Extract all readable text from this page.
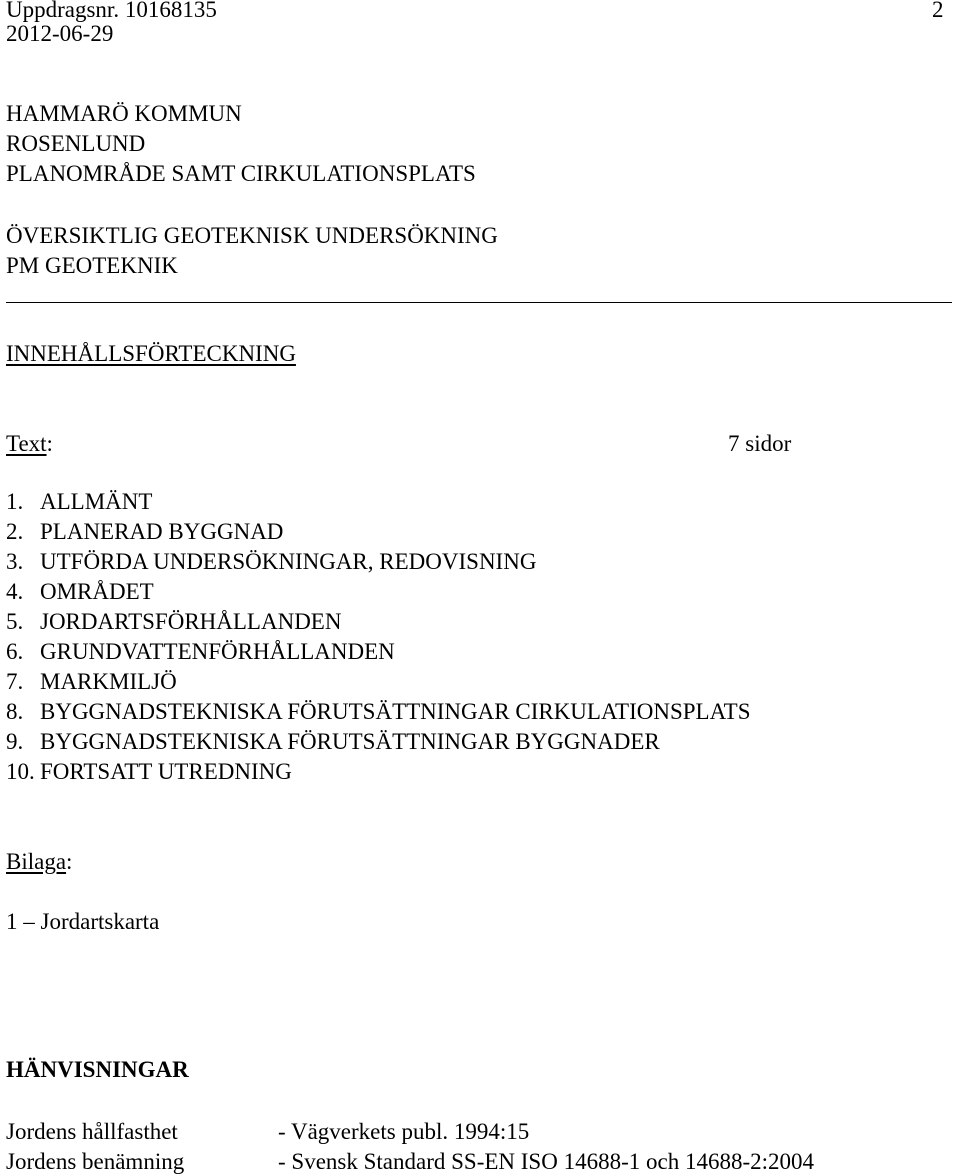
Uppdragsnr. 10168135	2
2012-06-29
HAMMARÖ KOMMUN
ROSENLUND
PLANOMRÅDE SAMT CIRKULATIONSPLATS
ÖVERSIKTLIG GEOTEKNISK UNDERSÖKNING
PM GEOTEKNIK
INNEHÅLLSFÖRTECKNING
Text:	7 sidor
1. ALLMÄNT
2. PLANERAD BYGGNAD
3. UTFÖRDA UNDERSÖKNINGAR, REDOVISNING
4. OMRÅDET
5. JORDARTSFÖRHÅLLANDEN
6. GRUNDVATTENFÖRHÅLLANDEN
7. MARKMILJÖ
8. BYGGNADSTEKNISKA FÖRUTSÄTTNINGAR CIRKULATIONSPLATS
9. BYGGNADSTEKNISKA FÖRUTSÄTTNINGAR BYGGNADER
10. FORTSATT UTREDNING
Bilaga:
1 – Jordartskarta
HÄNVISNINGAR
Jordens hållfasthet	- Vägverkets publ. 1994:15
Jordens benämning	- Svensk Standard SS-EN ISO 14688-1 och 14688-2:2004
